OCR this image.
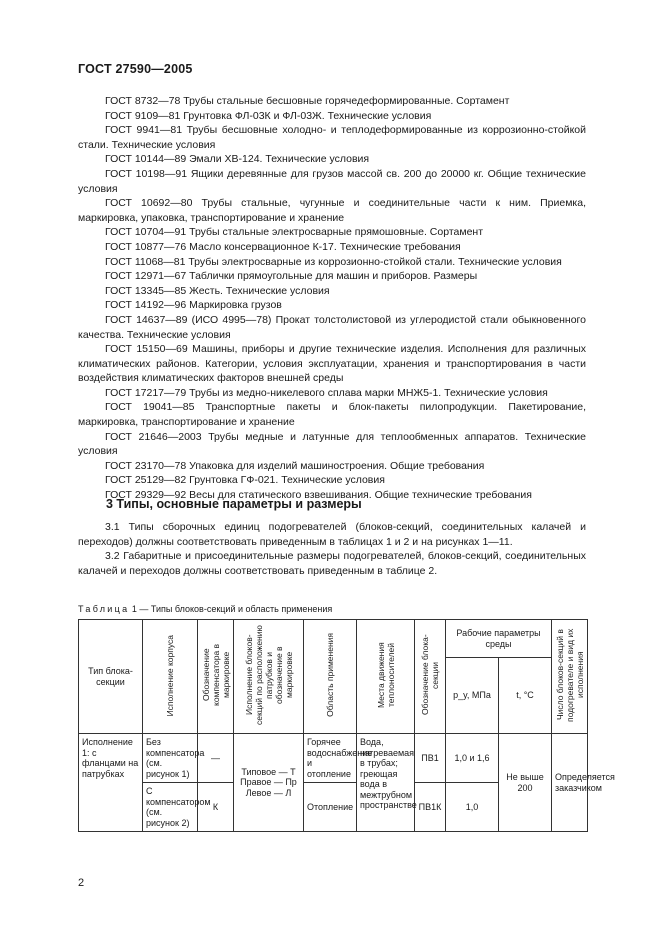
ГОСТ 27590—2005

ГОСТ 8732—78 Трубы стальные бесшовные горячедеформированные. Сортамент

ГОСТ 9109—81 Грунтовка ФЛ-03К и ФЛ-03Ж. Технические условия

ГОСТ 9941—81 Трубы бесшовные холодно- и теплодеформированные из коррозионно-стойкой стали. Технические условия

ГОСТ 10144—89 Эмали ХВ-124. Технические условия

ГОСТ 10198—91 Ящики деревянные для грузов массой св. 200 до 20000 кг. Общие технические условия

ГОСТ 10692—80 Трубы стальные, чугунные и соединительные части к ним. Приемка, маркировка, упаковка, транспортирование и хранение

ГОСТ 10704—91 Трубы стальные электросварные прямошовные. Сортамент

ГОСТ 10877—76 Масло консервационное К-17. Технические требования

ГОСТ 11068—81 Трубы электросварные из коррозионно-стойкой стали. Технические условия

ГОСТ 12971—67 Таблички прямоугольные для машин и приборов. Размеры

ГОСТ 13345—85 Жесть. Технические условия

ГОСТ 14192—96 Маркировка грузов

ГОСТ 14637—89 (ИСО 4995—78) Прокат толстолистовой из углеродистой стали обыкновенного качества. Технические условия

ГОСТ 15150—69 Машины, приборы и другие технические изделия. Исполнения для различных климатических районов. Категории, условия эксплуатации, хранения и транспортирования в части воздействия климатических факторов внешней среды

ГОСТ 17217—79 Трубы из медно-никелевого сплава марки МНЖ5-1. Технические условия

ГОСТ 19041—85 Транспортные пакеты и блок-пакеты пилопродукции. Пакетирование, маркировка, транспортирование и хранение

ГОСТ 21646—2003 Трубы медные и латунные для теплообменных аппаратов. Технические условия

ГОСТ 23170—78 Упаковка для изделий машиностроения. Общие требования

ГОСТ 25129—82 Грунтовка ГФ-021. Технические условия

ГОСТ 29329—92 Весы для статического взвешивания. Общие технические требования

3 Типы, основные параметры и размеры

3.1 Типы сборочных единиц подогревателей (блоков-секций, соединительных калачей и переходов) должны соответствовать приведенным в таблицах 1 и 2 и на рисунках 1—11.

3.2 Габаритные и присоединительные размеры подогревателей, блоков-секций, соединительных калачей и переходов должны соответствовать приведенным в таблице 2.

Таблица 1 — Типы блоков-секций и область применения
Тип блока-секции	Исполнение корпуса	Обозначение компенсатора в маркировке	Исполнение блоков-секций по расположению патрубков и обозначение в маркировке	Область применения	Места движения теплоносителей	Обозначение блока-секции	Рабочие параметры среды		Число блоков-секций в подогревателе и вид их исполнения
							p_y, МПа	t, °C	
Исполнение 1: с фланцами на патрубках	Без компенсатора (см. рисунок 1)	—	Типовое — Т Правое — Пр Левое — Л	Горячее водоснабжение и отопление	Вода, нагреваемая в трубах; греющая вода в межтрубном пространстве	ПВ1	1,0 и 1,6	Не выше 200	Определяется заказчиком
	С компенсатором (см. рисунок 2)	К		Отопление		ПВ1К	1,0		
2
